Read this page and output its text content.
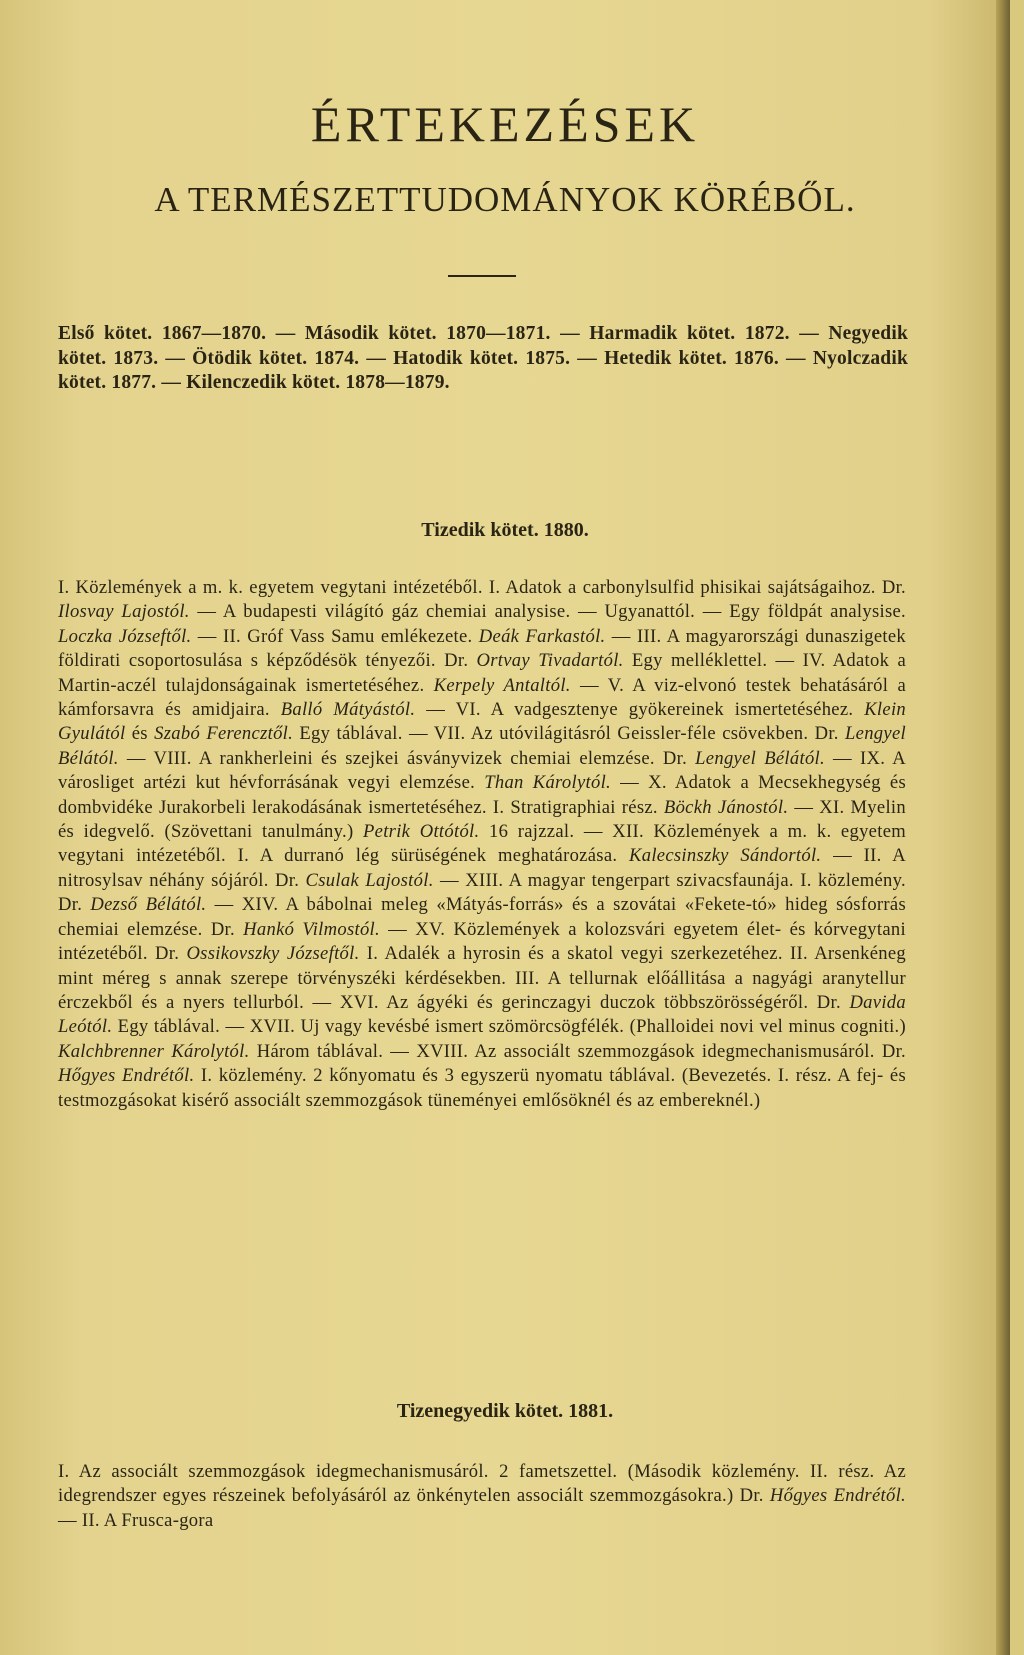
ÉRTEKEZÉSEK
A TERMÉSZETTUDOMÁNYOK KÖRÉBŐL.
Első kötet. 1867—1870. — Második kötet. 1870—1871. — Harmadik kötet. 1872. — Negyedik kötet. 1873. — Ötödik kötet. 1874. — Hatodik kötet. 1875. — Hetedik kötet. 1876. — Nyolczadik kötet. 1877. — Kilenczedik kötet. 1878—1879.
Tizedik kötet. 1880.
I. Közlemények a m. k. egyetem vegytani intézetéből. I. Adatok a carbonylsulfid phisikai sajátságaihoz. Dr. Ilosvay Lajostól. — A budapesti világító gáz chemiai analysise. — Ugyanattól. — Egy földpát analysise. Loczka Józseftől. — II. Gróf Vass Samu emlékezete. Deák Farkastól. — III. A magyarországi dunaszigetek földirati csoportosulása s képződésök tényezői. Dr. Ortvay Tivadartól. Egy melléklettel. — IV. Adatok a Martin-aczél tulajdonságainak ismertetéséhez. Kerpely Antaltól. — V. A viz-elvonó testek behatásáról a kámforsavra és amidjaira. Balló Mátyástól. — VI. A vadgesztenye gyökereinek ismertetéséhez. Klein Gyulától és Szabó Ferencztől. Egy táblával. — VII. Az utóvilágitásról Geissler-féle csövekben. Dr. Lengyel Bélától. — VIII. A rankherleini és szejkei ásványvizek chemiai elemzése. Dr. Lengyel Bélától. — IX. A városliget artézi kut hévforrásának vegyi elemzése. Than Károlytól. — X. Adatok a Mecsekhegység és dombvidéke Jurakorbeli lerakodásának ismertetéséhez. I. Stratigraphiai rész. Böckh Jánostól. — XI. Myelin és idegvelő. (Szövettani tanulmány.) Petrik Ottótól. 16 rajzzal. — XII. Közlemények a m. k. egyetem vegytani intézetéből. I. A durranó lég sürüségének meghatározása. Kalecsinszky Sándortól. — II. A nitrosylsav néhány sójáról. Dr. Csulak Lajostól. — XIII. A magyar tengerpart szivacsfaunája. I. közlemény. Dr. Dezső Bélától. — XIV. A bábolnai meleg «Mátyás-forrás» és a szovátai «Fekete-tó» hideg sósforrás chemiai elemzése. Dr. Hankó Vilmostól. — XV. Közlemények a kolozsvári egyetem élet- és kórvegytani intézetéből. Dr. Ossikovszky Józseftől. I. Adalék a hyrosin és a skatol vegyi szerkezetéhez. II. Arsenkéneg mint méreg s annak szerepe törvényszéki kérdésekben. III. A tellurnak előállitása a nagyági aranytellur érczekből és a nyers tellurból. — XVI. Az ágyéki és gerinczagyi duczok többszörösségéről. Dr. Davida Leótól. Egy táblával. — XVII. Uj vagy kevésbé ismert szömörcsögfélék. (Phalloidei novi vel minus cogniti.) Kalchbrenner Károlytól. Három táblával. — XVIII. Az associált szemmozgások idegmechanismusáról. Dr. Hőgyes Endrétől. I. közlemény. 2 kőnyomatu és 3 egyszerü nyomatu táblával. (Bevezetés. I. rész. A fej- és testmozgásokat kisérő associált szemmozgások tüneményei emlősöknél és az embereknél.)
Tizenegyedik kötet. 1881.
I. Az associált szemmozgások idegmechanismusáról. 2 fametszettel. (Második közlemény. II. rész. Az idegrendszer egyes részeinek befolyásáról az önkénytelen associált szemmozgásokra.) Dr. Hőgyes Endrétől. — II. A Frusca-gora
